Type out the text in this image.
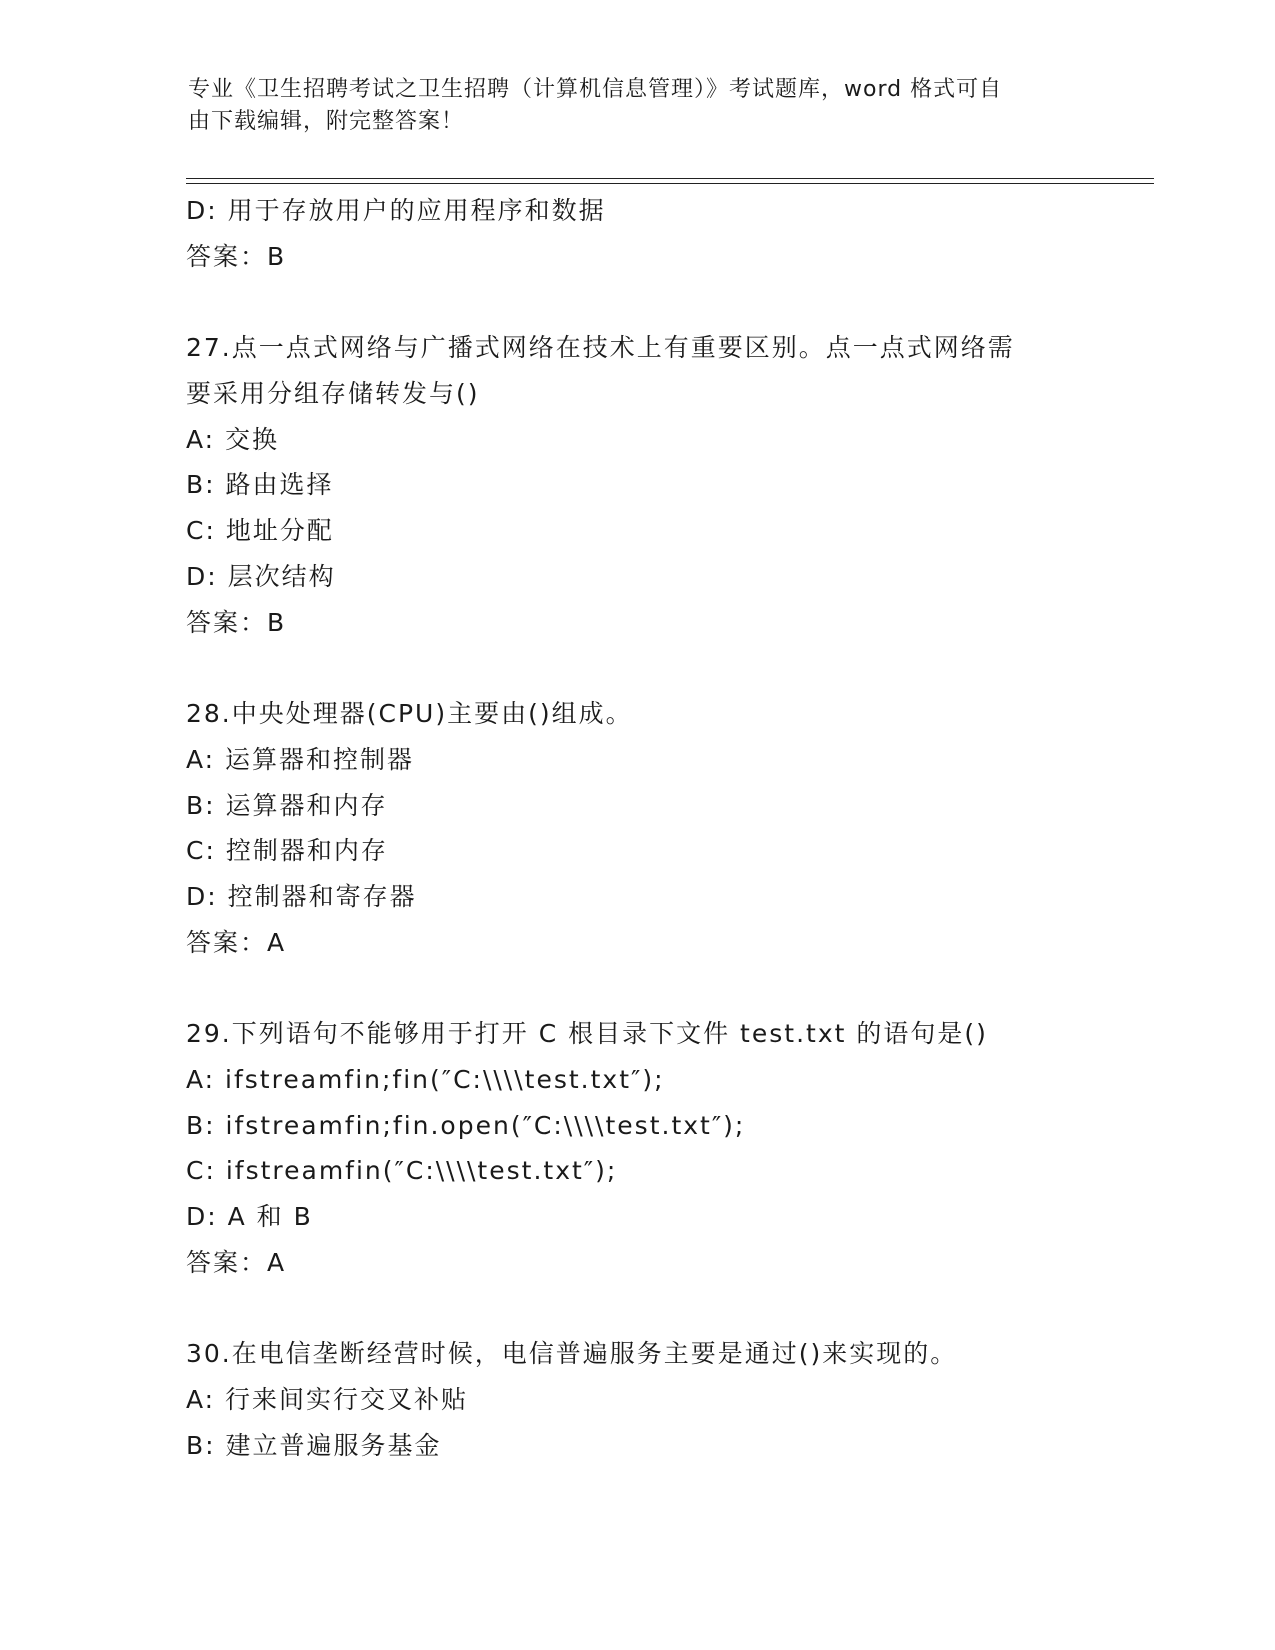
专业《卫生招聘考试之卫生招聘（计算机信息管理）》考试题库，word 格式可自
由下载编辑，附完整答案！
D: 用于存放用户的应用程序和数据
答案：B
27.点一点式网络与广播式网络在技术上有重要区别。点一点式网络需
要采用分组存储转发与()
A: 交换
B: 路由选择
C: 地址分配
D: 层次结构
答案：B
28.中央处理器(CPU)主要由()组成。
A: 运算器和控制器
B: 运算器和内存
C: 控制器和内存
D: 控制器和寄存器
答案：A
29.下列语句不能够用于打开 C 根目录下文件 test.txt 的语句是()
A: ifstreamfin;fin(″C:\\\\test.txt″);
B: ifstreamfin;fin.open(″C:\\\\test.txt″);
C: ifstreamfin(″C:\\\\test.txt″);
D: A 和 B
答案：A
30.在电信垄断经营时候，电信普遍服务主要是通过()来实现的。
A: 行来间实行交叉补贴
B: 建立普遍服务基金
